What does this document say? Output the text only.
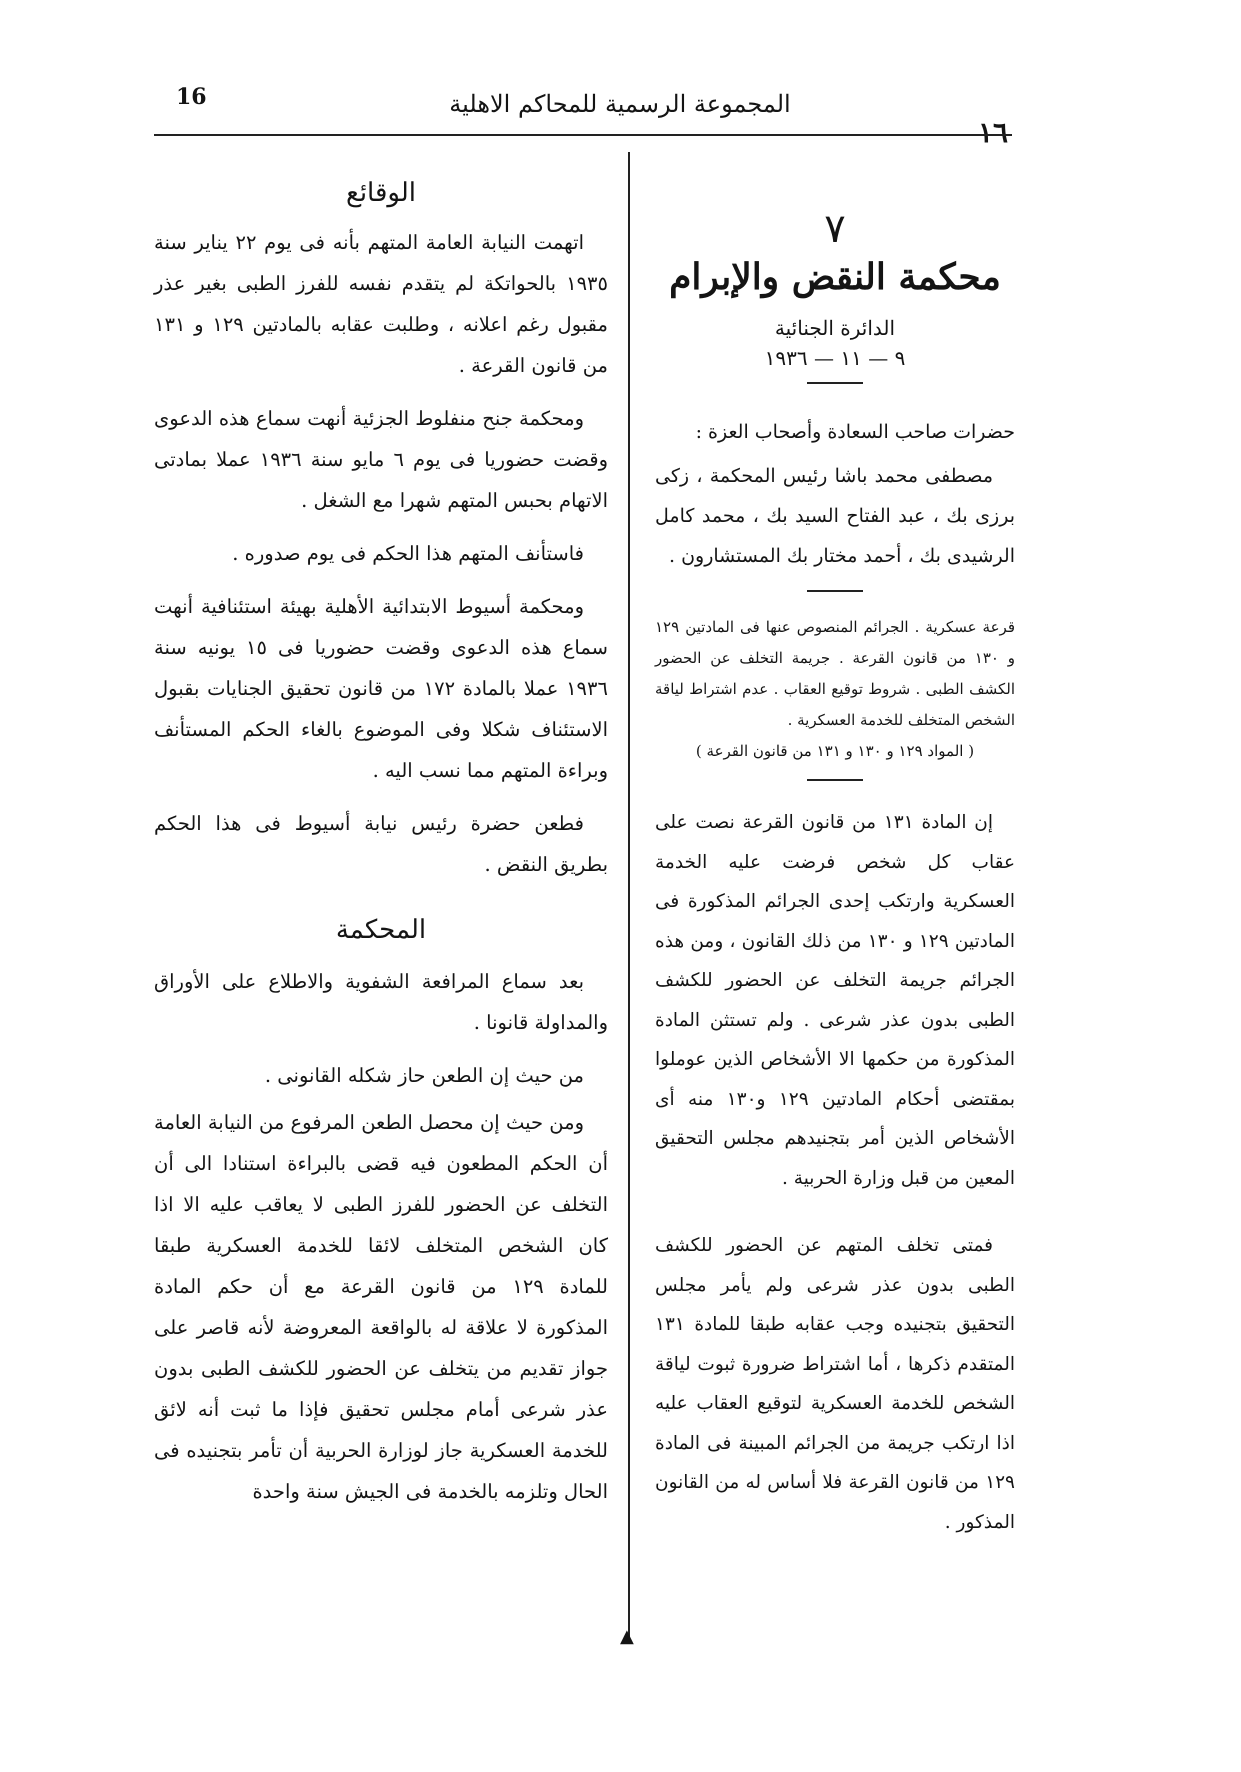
16	المجموعة الرسمية للمحاكم الاهلية
١٦
٧
محكمة النقض والإبرام
الدائرة الجنائية
٩ — ١١ — ١٩٣٦

حضرات صاحب السعادة وأصحاب العزة :

مصطفى محمد باشا رئيس المحكمة ، زكى برزى بك ، عبد الفتاح السيد بك ، محمد كامل الرشيدى بك ، أحمد مختار بك المستشارون .

قرعة عسكرية . الجرائم المنصوص عنها فى المادتين ١٢٩ و ١٣٠ من قانون القرعة . جريمة التخلف عن الحضور الكشف الطبى . شروط توقيع العقاب . عدم اشتراط لياقة الشخص المتخلف للخدمة العسكرية .

( المواد ١٢٩ و ١٣٠ و ١٣١ من قانون القرعة )

إن المادة ١٣١ من قانون القرعة نصت على عقاب كل شخص فرضت عليه الخدمة العسكرية وارتكب إحدى الجرائم المذكورة فى المادتين ١٢٩ و ١٣٠ من ذلك القانون ، ومن هذه الجرائم جريمة التخلف عن الحضور للكشف الطبى بدون عذر شرعى . ولم تستثن المادة المذكورة من حكمها الا الأشخاص الذين عوملوا بمقتضى أحكام المادتين ١٢٩ و١٣٠ منه أى الأشخاص الذين أمر بتجنيدهم مجلس التحقيق المعين من قبل وزارة الحربية .

فمتى تخلف المتهم عن الحضور للكشف الطبى بدون عذر شرعى ولم يأمر مجلس التحقيق بتجنيده وجب عقابه طبقا للمادة ١٣١ المتقدم ذكرها ، أما اشتراط ضرورة ثبوت لياقة الشخص للخدمة العسكرية لتوقيع العقاب عليه اذا ارتكب جريمة من الجرائم المبينة فى المادة ١٢٩ من قانون القرعة فلا أساس له من القانون المذكور .

الوقائع

اتهمت النيابة العامة المتهم بأنه فى يوم ٢٢ يناير سنة ١٩٣٥ بالحواتكة لم يتقدم نفسه للفرز الطبى بغير عذر مقبول رغم اعلانه ، وطلبت عقابه بالمادتين ١٢٩ و ١٣١ من قانون القرعة .

ومحكمة جنح منفلوط الجزئية أنهت سماع هذه الدعوى وقضت حضوريا فى يوم ٦ مايو سنة ١٩٣٦ عملا بمادتى الاتهام بحبس المتهم شهرا مع الشغل .

فاستأنف المتهم هذا الحكم فى يوم صدوره .

ومحكمة أسيوط الابتدائية الأهلية بهيئة استئنافية أنهت سماع هذه الدعوى وقضت حضوريا فى ١٥ يونيه سنة ١٩٣٦ عملا بالمادة ١٧٢ من قانون تحقيق الجنايات بقبول الاستئناف شكلا وفى الموضوع بالغاء الحكم المستأنف وبراءة المتهم مما نسب اليه .

فطعن حضرة رئيس نيابة أسيوط فى هذا الحكم بطريق النقض .

المحكمة

بعد سماع المرافعة الشفوية والاطلاع على الأوراق والمداولة قانونا .

من حيث إن الطعن حاز شكله القانونى .

ومن حيث إن محصل الطعن المرفوع من النيابة العامة أن الحكم المطعون فيه قضى بالبراءة استنادا الى أن التخلف عن الحضور للفرز الطبى لا يعاقب عليه الا اذا كان الشخص المتخلف لائقا للخدمة العسكرية طبقا للمادة ١٢٩ من قانون القرعة مع أن حكم المادة المذكورة لا علاقة له بالواقعة المعروضة لأنه قاصر على جواز تقديم من يتخلف عن الحضور للكشف الطبى بدون عذر شرعى أمام مجلس تحقيق فإذا ما ثبت أنه لائق للخدمة العسكرية جاز لوزارة الحربية أن تأمر بتجنيده فى الحال وتلزمه بالخدمة فى الجيش سنة واحدة

▲
